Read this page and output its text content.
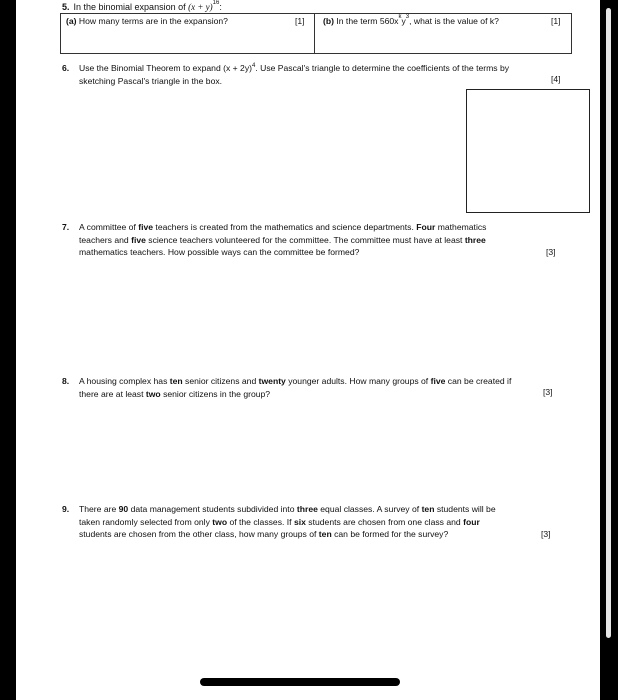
5. In the binomial expansion of $(x + y)^{16}$:
(a) How many terms are in the expansion?	[1] (b) In the term $560x^ky^3$, what is the value of k?	[1]
6. Use the Binomial Theorem to expand $(x + 2y)^4$. Use Pascal's triangle to determine the coefficients of the terms by
sketching Pascal's triangle in the box.	[4]
7. A committee of five teachers is created from the mathematics and science departments. Four mathematics
teachers and five science teachers volunteered for the committee. The committee must have at least three
mathematics teachers. How possible ways can the committee be formed?	[3]
8. A housing complex has ten senior citizens and twenty younger adults. How many groups of five can be created if
there are at least two senior citizens in the group?	[3]
9. There are 90 data management students subdivided into three equal classes. A survey of ten students will be
taken randomly selected from only two of the classes. If six students are chosen from one class and four
students are chosen from the other class, how many groups of ten can be formed for the survey?	[3]
